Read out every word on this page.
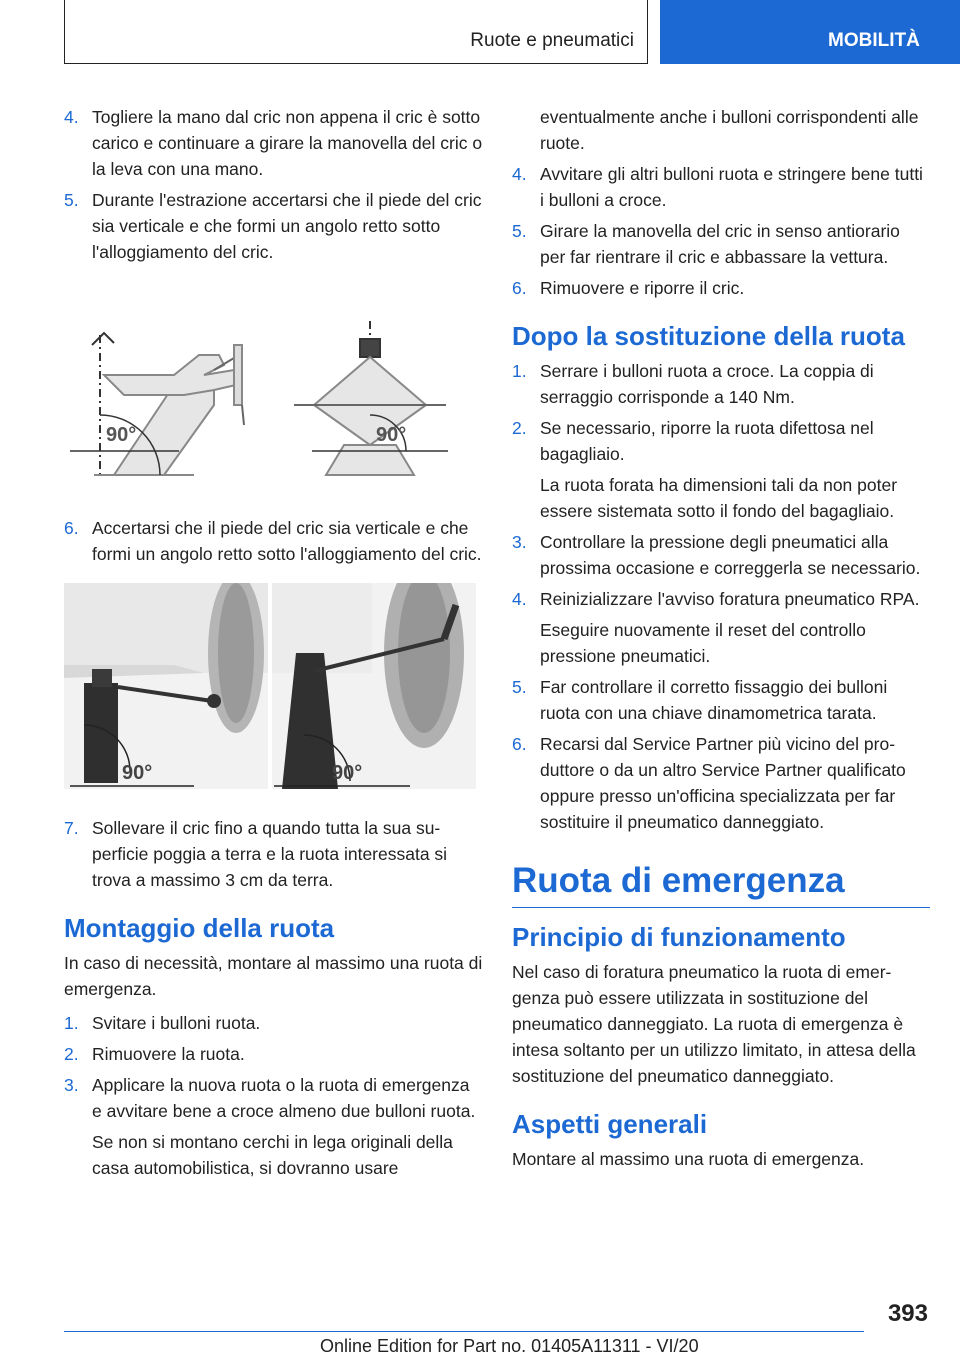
Ruote e pneumatici	MOBILITÀ
4. Togliere la mano dal cric non appena il cric è sotto carico e continuare a girare la manovella del cric o la leva con una mano.
5. Durante l'estrazione accertarsi che il piede del cric sia verticale e che formi un angolo retto sotto l'alloggiamento del cric.
90°	90°
6. Accertarsi che il piede del cric sia verticale e che formi un angolo retto sotto l'alloggiamento del cric.
90°	90°
7. Sollevare il cric fino a quando tutta la sua superficie poggia a terra e la ruota interessata si trova a massimo 3 cm da terra.
Montaggio della ruota
In caso di necessità, montare al massimo una ruota di emergenza.
1. Svitare i bulloni ruota.
2. Rimuovere la ruota.
3. Applicare la nuova ruota o la ruota di emergenza e avvitare bene a croce almeno due bulloni ruota.
Se non si montano cerchi in lega originali della casa automobilistica, si dovranno usare
eventualmente anche i bulloni corrispondenti alle ruote.
4. Avvitare gli altri bulloni ruota e stringere bene tutti i bulloni a croce.
5. Girare la manovella del cric in senso antiorario per far rientrare il cric e abbassare la vettura.
6. Rimuovere e riporre il cric.
Dopo la sostituzione della ruota
1. Serrare i bulloni ruota a croce. La coppia di serraggio corrisponde a 140 Nm.
2. Se necessario, riporre la ruota difettosa nel bagagliaio.
La ruota forata ha dimensioni tali da non poter essere sistemata sotto il fondo del bagagliaio.
3. Controllare la pressione degli pneumatici alla prossima occasione e correggerla se necessario.
4. Reinizializzare l'avviso foratura pneumatico RPA.
Eseguire nuovamente il reset del controllo pressione pneumatici.
5. Far controllare il corretto fissaggio dei bulloni ruota con una chiave dinamometrica tarata.
6. Recarsi dal Service Partner più vicino del produttore o da un altro Service Partner qualificato oppure presso un'officina specializzata per far sostituire il pneumatico danneggiato.
Ruota di emergenza
Principio di funzionamento
Nel caso di foratura pneumatico la ruota di emergenza può essere utilizzata in sostituzione del pneumatico danneggiato. La ruota di emergenza è intesa soltanto per un utilizzo limitato, in attesa della sostituzione del pneumatico danneggiato.
Aspetti generali
Montare al massimo una ruota di emergenza.
393
Online Edition for Part no. 01405A11311 - VI/20
